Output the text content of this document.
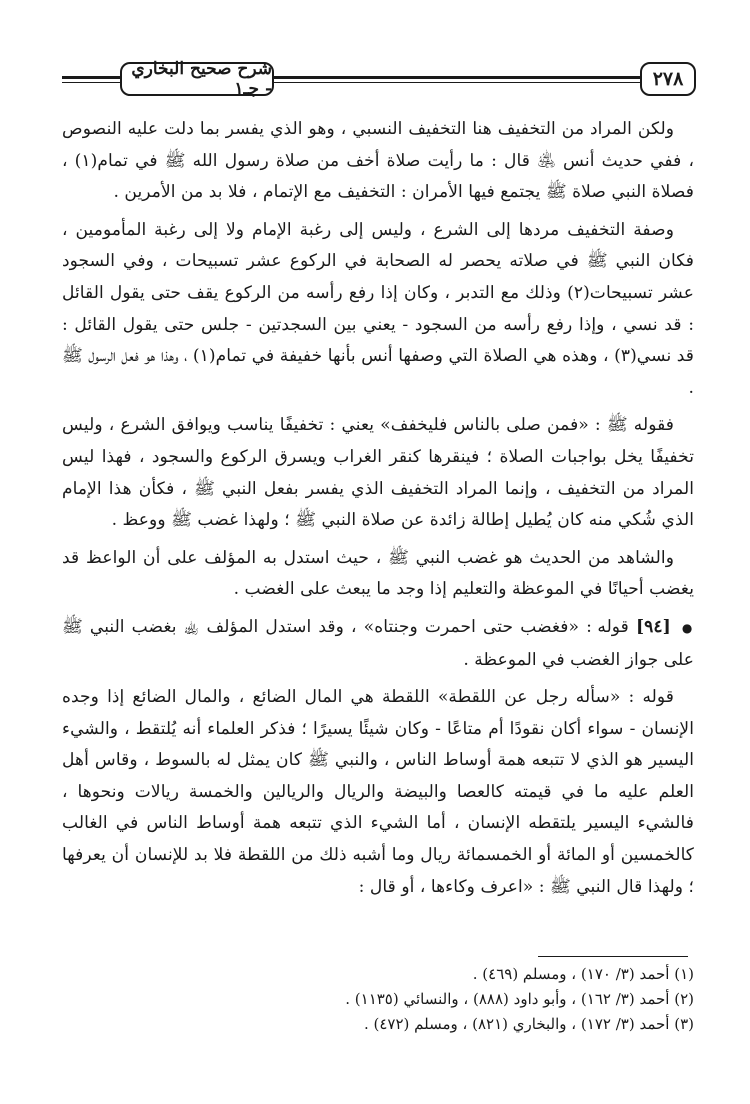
شرح صحيح البخاري - جـ١	٢٧٨

ولكن المراد من التخفيف هنا التخفيف النسبي ، وهو الذي يفسر بما دلت عليه النصوص ، ففي حديث أنس ﵁ قال : ما رأيت صلاة أخف من صلاة رسول الله ﷺ في تمام(١) ، فصلاة النبي صلاة ﷺ يجتمع فيها الأمران : التخفيف مع الإتمام ، فلا بد من الأمرين .

وصفة التخفيف مردها إلى الشرع ، وليس إلى رغبة الإمام ولا إلى رغبة المأمومين ، فكان النبي ﷺ في صلاته يحصر له الصحابة في الركوع عشر تسبيحات ، وفي السجود عشر تسبيحات(٢) وذلك مع التدبر ، وكان إذا رفع رأسه من الركوع يقف حتى يقول القائل : قد نسي ، وإذا رفع رأسه من السجود - يعني بين السجدتين - جلس حتى يقول القائل : قد نسي(٣) ، وهذه هي الصلاة التي وصفها أنس بأنها خفيفة في تمام(١) ، وهذا هو فعل الرسول ﷺ .

فقوله ﷺ : «فمن صلى بالناس فليخفف» يعني : تخفيفًا يناسب ويوافق الشرع ، وليس تخفيفًا يخل بواجبات الصلاة ؛ فينقرها كنقر الغراب ويسرق الركوع والسجود ، فهذا ليس المراد من التخفيف ، وإنما المراد التخفيف الذي يفسر بفعل النبي ﷺ ، فكأن هذا الإمام الذي شُكي منه كان يُطيل إطالة زائدة عن صلاة النبي ﷺ ؛ ولهذا غضب ﷺ ووعظ .

والشاهد من الحديث هو غضب النبي ﷺ ، حيث استدل به المؤلف على أن الواعظ قد يغضب أحيانًا في الموعظة والتعليم إذا وجد ما يبعث على الغضب .

● [٩٤] قوله : «فغضب حتى احمرت وجنتاه» ، وقد استدل المؤلف ﵀ بغضب النبي ﷺ على جواز الغضب في الموعظة .

قوله : «سأله رجل عن اللقطة» اللقطة هي المال الضائع ، والمال الضائع إذا وجده الإنسان - سواء أكان نقودًا أم متاعًا - وكان شيئًا يسيرًا ؛ فذكر العلماء أنه يُلتقط ، والشيء اليسير هو الذي لا تتبعه همة أوساط الناس ، والنبي ﷺ كان يمثل له بالسوط ، وقاس أهل العلم عليه ما في قيمته كالعصا والبيضة والريال والريالين والخمسة ريالات ونحوها ، فالشيء اليسير يلتقطه الإنسان ، أما الشيء الذي تتبعه همة أوساط الناس في الغالب كالخمسين أو المائة أو الخمسمائة ريال وما أشبه ذلك من اللقطة فلا بد للإنسان أن يعرفها ؛ ولهذا قال النبي ﷺ : «اعرف وكاءها ، أو قال :

(١) أحمد (٣/ ١٧٠) ، ومسلم (٤٦٩) .

(٢) أحمد (٣/ ١٦٢) ، وأبو داود (٨٨٨) ، والنسائي (١١٣٥) .

(٣) أحمد (٣/ ١٧٢) ، والبخاري (٨٢١) ، ومسلم (٤٧٢) .
